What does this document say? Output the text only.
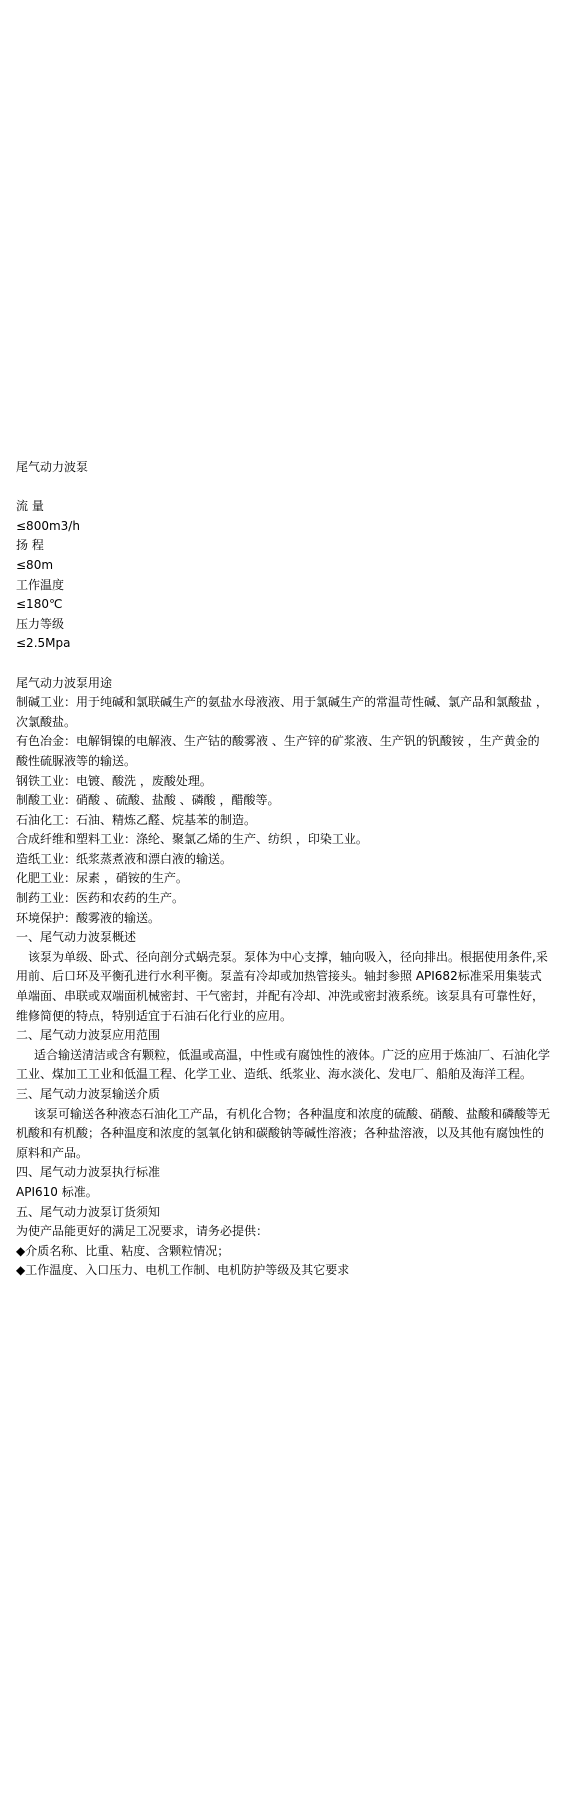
尾气动力波泵

流 量

≤800m3/h

扬 程

≤80m

工作温度

≤180℃

压力等级

≤2.5Mpa

尾气动力波泵用途

制碱工业：用于纯碱和氯联碱生产的氨盐水母液液、用于氯碱生产的常温苛性碱、氯产品和氯酸盐 ，次氯酸盐。

有色冶金：电解铜镍的电解液、生产钴的酸雾液 、生产锌的矿浆液、生产钒的钒酸铵 ，生产黄金的酸性硫脲液等的输送。

钢铁工业：电镀、酸洗 ，废酸处理。

制酸工业：硝酸 、硫酸、盐酸 、磷酸 ，醋酸等。

石油化工：石油、精炼乙醛、烷基苯的制造。

合成纤维和塑料工业：涤纶、聚氯乙烯的生产、纺织 ，印染工业。

造纸工业：纸浆蒸煮液和漂白液的输送。

化肥工业：尿素 ，硝铵的生产。

制药工业：医药和农药的生产。

环境保护：酸雾液的输送。

一、尾气动力波泵概述

该泵为单级、卧式、径向剖分式蜗壳泵。泵体为中心支撑，轴向吸入，径向排出。根据使用条件,采用前、后口环及平衡孔进行水利平衡。泵盖有冷却或加热管接头。轴封参照 API682标准采用集装式单端面、串联或双端面机械密封、干气密封，并配有冷却、冲洗或密封液系统。该泵具有可靠性好，维修简便的特点，特别适宜于石油石化行业的应用。

二、尾气动力波泵应用范围

适合输送清洁或含有颗粒，低温或高温，中性或有腐蚀性的液体。广泛的应用于炼油厂、石油化学工业、煤加工工业和低温工程、化学工业、造纸、纸浆业、海水淡化、发电厂、船舶及海洋工程。

三、尾气动力波泵输送介质

该泵可输送各种液态石油化工产品，有机化合物；各种温度和浓度的硫酸、硝酸、盐酸和磷酸等无机酸和有机酸；各种温度和浓度的氢氧化钠和碳酸钠等碱性溶液；各种盐溶液，以及其他有腐蚀性的原料和产品。

四、尾气动力波泵执行标准

API610 标准。

五、尾气动力波泵订货须知

为使产品能更好的满足工况要求，请务必提供：

◆介质名称、比重、粘度、含颗粒情况；

◆工作温度、入口压力、电机工作制、电机防护等级及其它要求
